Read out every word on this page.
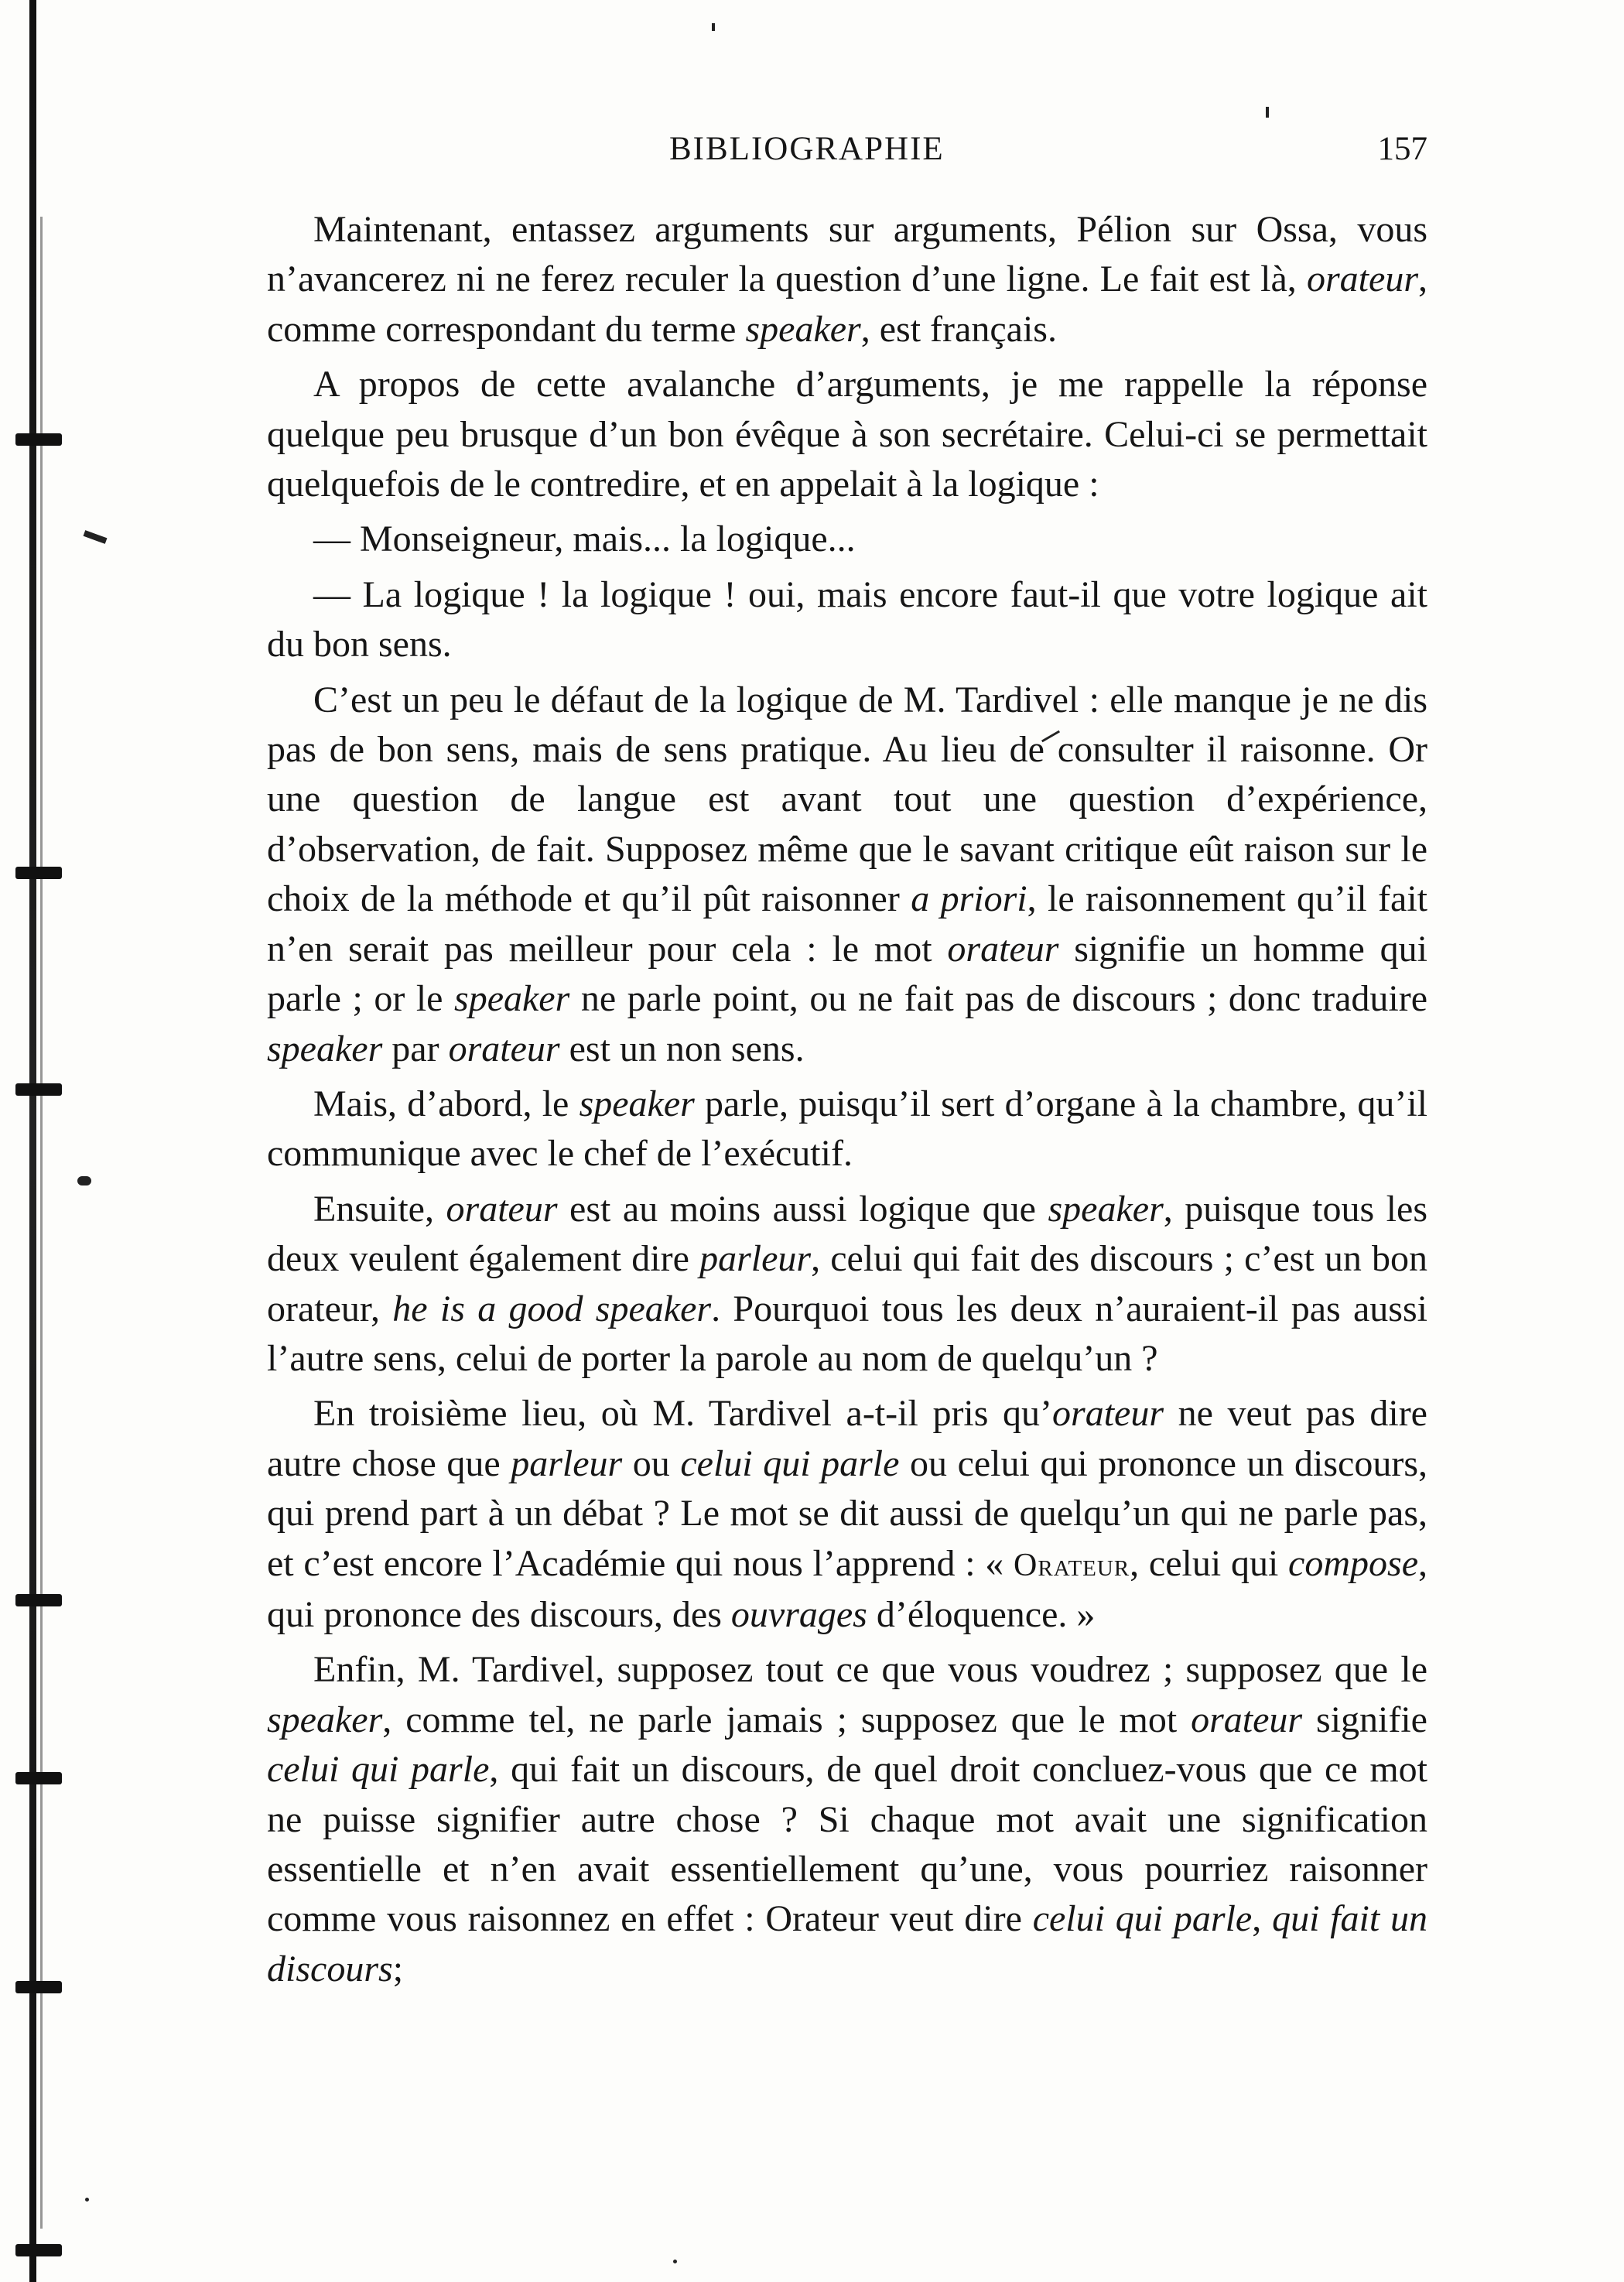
BIBLIOGRAPHIE	157

Maintenant, entassez arguments sur arguments, Pélion sur Ossa, vous n’avancerez ni ne ferez reculer la question d’une ligne. Le fait est là, orateur, comme correspondant du terme speaker, est français.

A propos de cette avalanche d’arguments, je me rappelle la réponse quelque peu brusque d’un bon évêque à son secrétaire. Celui-ci se permettait quelquefois de le contredire, et en appelait à la logique :

— Monseigneur, mais... la logique...

— La logique ! la logique ! oui, mais encore faut-il que votre logique ait du bon sens.

C’est un peu le défaut de la logique de M. Tardivel : elle manque je ne dis pas de bon sens, mais de sens pratique. Au lieu de consulter il raisonne. Or une question de langue est avant tout une question d’expérience, d’observation, de fait. Supposez même que le savant critique eût raison sur le choix de la méthode et qu’il pût raisonner a priori, le raisonnement qu’il fait n’en serait pas meilleur pour cela : le mot orateur signifie un homme qui parle ; or le speaker ne parle point, ou ne fait pas de discours ; donc traduire speaker par orateur est un non sens.

Mais, d’abord, le speaker parle, puisqu’il sert d’organe à la chambre, qu’il communique avec le chef de l’exécutif.

Ensuite, orateur est au moins aussi logique que speaker, puisque tous les deux veulent également dire parleur, celui qui fait des discours ; c’est un bon orateur, he is a good speaker. Pourquoi tous les deux n’auraient-il pas aussi l’autre sens, celui de porter la parole au nom de quelqu’un ?

En troisième lieu, où M. Tardivel a-t-il pris qu’orateur ne veut pas dire autre chose que parleur ou celui qui parle ou celui qui prononce un discours, qui prend part à un débat ? Le mot se dit aussi de quelqu’un qui ne parle pas, et c’est encore l’Académie qui nous l’apprend : « Orateur, celui qui compose, qui prononce des discours, des ouvrages d’éloquence. »

Enfin, M. Tardivel, supposez tout ce que vous voudrez ; supposez que le speaker, comme tel, ne parle jamais ; supposez que le mot orateur signifie celui qui parle, qui fait un discours, de quel droit concluez-vous que ce mot ne puisse signifier autre chose ? Si chaque mot avait une signification essentielle et n’en avait essentiellement qu’une, vous pourriez raisonner comme vous raisonnez en effet : Orateur veut dire celui qui parle, qui fait un discours;
